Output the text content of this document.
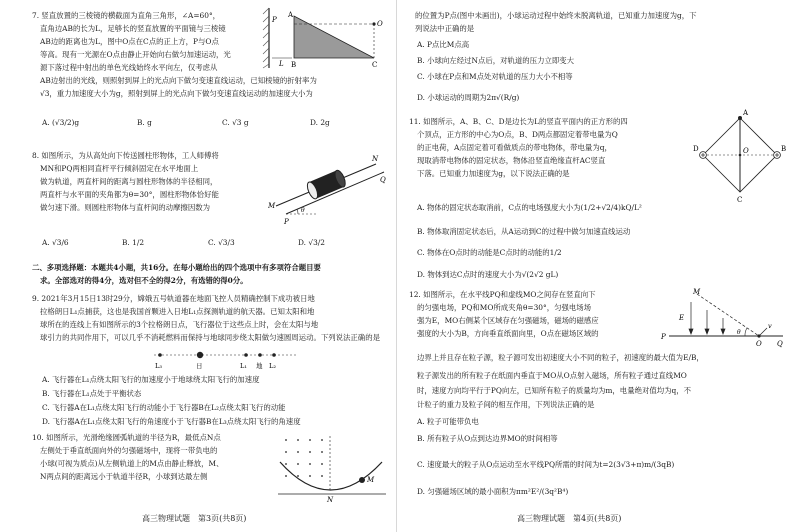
7. 竖直放置的三棱镜的横截面为直角三角形，∠A=60°，
直角边AB的长为L，足够长的竖直放置的平面镜与三棱镜
AB边的距离也为L，图中O点在C点的正上方，P与O点
等高。现有一光源在O点由静止开始向右做匀加速运动，光
源下落过程中射出的单色光线始终水平向左，仅考虑从
AB边射出的光线，则照射到屏上的光点向下做匀变速直线运动，已知棱镜的折射率为
√3，重力加速度大小为g，照射到屏上的光点向下做匀变速直线运动的加速度大小为
A. (√3/2)g	B. g	C. √3 g	D. 2g
A
O
P
L B	C
8. 如图所示，为从高处向下传送圆柱形物体，工人师傅将
MN和PQ两相同直杆平行倾斜固定在水平地面上
做为轨道，两直杆间的距离与圆柱形物体的半径相同，
两直杆与水平面的夹角都为θ=30°，圆柱形物体恰好能
做匀速下滑。则圆柱形物体与直杆间的动摩擦因数为
A. √3/6	B. 1/2	C. √3/3	D. √3/2
N
Q
M
P
θ
二、多项选择题：本题共4小题，共16分。在每小题给出的四个选项中有多项符合题目要
求。全部选对的得4分，选对但不全的得2分，有选错的得0分。
9. 2021年3月15日13时29分，嫦娥五号轨道器在地面飞控人员精确控制下成功被日地
拉格朗日L₁点捕获，这也是我国首颗进入日地L₁点探测轨道的航天器。已知太阳和地
球所在的连线上有如图所示的3个拉格朗日点，飞行器位于这些点上时，会在太阳与地
球引力的共同作用下，可以几乎不消耗燃料而保持与地球同步绕太阳做匀速圆周运动。下列说法正确的是
L₃	日	L₁ 地 L₂
A. 飞行器在L₁点绕太阳飞行的加速度小于地球绕太阳飞行的加速度
B. 飞行器在L₁点处于平衡状态
C. 飞行器A在L₁点绕太阳飞行的动能小于飞行器B在L₂点绕太阳飞行的动能
D. 飞行器A在L₁点绕太阳飞行的角速度小于飞行器B在L₃点绕太阳飞行的角速度
10. 如图所示，光滑绝缘圆弧轨道的半径为R，最低点N点
左侧处于垂直纸面向外的匀强磁场中，现将一带负电的
小球(可视为质点)从左侧轨道上的M点由静止释放，M、
N两点间的距离远小于轨道半径R，小球到达最左侧
N
M
高三物理试题　第3页(共8页)
的位置为P点(图中未画出)，小球运动过程中始终未脱离轨道，已知重力加速度为g，下
列说法中正确的是
A. P点比M点高
B. 小球向左经过N点后，对轨道的压力立即变大
C. 小球在P点和M点处对轨道的压力大小不相等
D. 小球运动的周期为2π√(R/g)
11. 如图所示，A、B、C、D是边长为L的竖直平面内的正方形的四
个顶点，正方形的中心为O点，B、D两点都固定着带电量为Q
的正电荷，A点固定着可看做质点的带电物体，带电量为q，
现取消带电物体的固定状态，物体沿竖直绝缘直杆AC竖直
下落。已知重力加速度为g，以下说法正确的是
A
D	B
O
C
A. 物体的固定状态取消前，C点的电场强度大小为(1/2+√2/4)kQ/L²
B. 物体取消固定状态后，从A运动到C的过程中做匀加速直线运动
C. 物体在O点时的动能是C点时的动能的1/2
D. 物体到达C点时的速度大小为√(2√2 gL)
12. 如图所示，在水平线PQ和虚线MO之间存在竖直向下
的匀强电场，PQ和MO所成夹角θ=30°，匀强电场场
强为E，MO右侧某个区域存在匀强磁场，磁场的磁感应
强度的大小为B，方向垂直纸面向里，O点在磁场区域的
边界上并且存在粒子源，粒子源可发出初速度大小不同的粒子，初速度的最大值为E/B，
粒子源发出的所有粒子在纸面内垂直于MO从O点射入磁场，所有粒子通过直线MO
时，速度方向均平行于PQ向左，已知所有粒子的质量均为m，电量绝对值均为q，不
计粒子的重力及粒子间的相互作用，下列说法正确的是
M
E
P
θ
O
v
Q
A. 粒子可能带负电
B. 所有粒子从O点到达边界MO的时间相等
C. 速度最大的粒子从O点运动至水平线PQ所需的时间为t=2(3√3+π)m/(3qB)
D. 匀强磁场区域的最小面积为πm²E²/(3q²B⁴)
高三物理试题　第4页(共8页)
